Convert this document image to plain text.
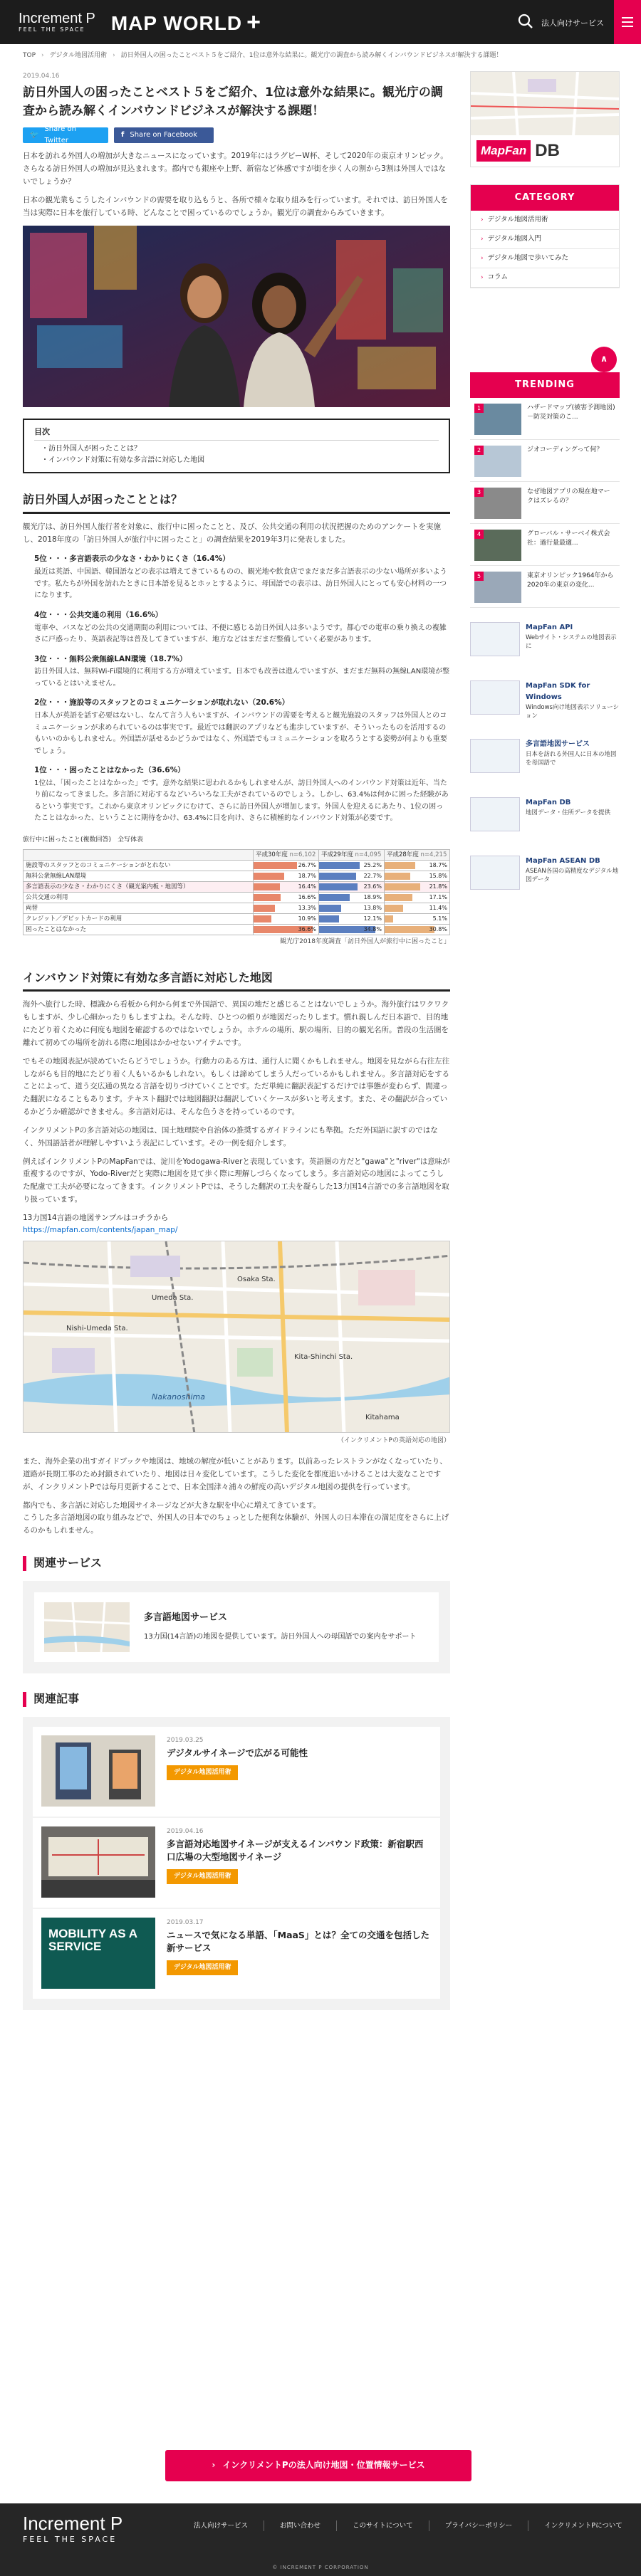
Increment P
FEEL THE SPACE	MAP WORLD +	法人向けサービス
TOP › デジタル地図活用術 › 訪日外国人の困ったことベスト５をご紹介、1位は意外な結果に。観光庁の調査から読み解くインバウンドビジネスが解決する課題！
2019.04.16
訪日外国人の困ったことベスト５をご紹介、1位は意外な結果に。観光庁の調査から読み解くインバウンドビジネスが解決する課題！
🐦
Share on Twitter
f Share on Facebook

日本を訪れる外国人の増加が大きなニュースになっています。2019年にはラグビーW杯、そして2020年の東京オリンピック。さらなる訪日外国人の増加が見込まれます。都内でも銀座や上野、新宿など体感ですが街を歩く人の割から3割は外国人ではないでしょうか？

日本の観光業もこうしたインバウンドの需要を取り込もうと、各所で様々な取り組みを行っています。それでは、訪日外国人を当は実際に日本を旅行している時、どんなことで困っているのでしょうか。観光庁の調査からみていきます。

目次
・訪日外国人が困ったことは？
・インバウンド対策に有効な多言語に対応した地図
訪日外国人が困ったこととは？

観光庁は、訪日外国人旅行者を対象に、旅行中に困ったことと、及び、公共交通の利用の状況把握のためのアンケートを実施し、2018年度の「訪日外国人が旅行中に困ったこと」の調査結果を2019年3月に発表しました。

5位・・・多言語表示の少なさ・わかりにくさ（16.4%）
最近は英語、中国語、韓国語などの表示は増えてきているものの、観光地や飲食店でまだまだ多言語表示の少ない場所が多いようです。私たちが外国を訪れたときに日本語を見るとホッとするように、母国語での表示は、訪日外国人にとっても安心材料の一つになります。
4位・・・公共交通の利用（16.6%）
電車や、バスなどの公共の交通期間の利用については、不便に感じる訪日外国人は多いようです。都心での電車の乗り換えの複雑さに戸惑ったり、英語表記等は普及してきていますが、地方などはまだまだ整備していく必要があります。
3位・・・無料公衆無線LAN環境（18.7%）
訪日外国人は、無料Wi-Fi環境的に利用する方が増えています。日本でも改善は進んでいますが、まだまだ無料の無線LAN環境が整っているとはいえません。
2位・・・施設等のスタッフとのコミュニケーションが取れない（20.6%）
日本人が英語を話す必要はないし、なんて言う人もいますが、インバウンドの需要を考えると観光施設のスタッフは外国人とのコミュニケーションが求められているのは事実です。最近では翻訳のアプリなども進歩していますが、そういったものを活用するのもいいのかもしれません。外国語が話せるかどうかではなく、外国語でもコミュニケーションを取ろうとする姿勢が何よりも重要でしょう。
1位・・・困ったことはなかった（36.6%）
1位は、「困ったことはなかった」です。意外な結果に思われるかもしれませんが、訪日外国人へのインバウンド対策は近年、当たり前になってきました。多言語に対応するなどいろいろな工夫がされているのでしょう。しかし、63.4%は何かに困った経験があるという事実です。これから東京オリンピックにむけて、さらに訪日外国人が増加します。外国人を迎えるにあたり、1位の困ったことはなかった、ということに期待をかけ、63.4%に目を向け、さらに積極的なインバウンド対策が必要です。
旅行中に困ったこと(複数回答)　全写体表
	平成30年度 n=6,102	平成29年度 n=4,095	平成28年度 n=4,215
施設等のスタッフとのコミュニケーションがとれない	26.7%	25.2%	18.7%

無料公衆無線LAN環境	18.7%	22.7%	15.8%

多言語表示の少なさ・わかりにくさ（観光案内板・地図等）	16.4%	23.6%	21.8%

公共交通の利用	16.6%	18.9%	17.1%

両替	13.3%	13.8%	11.4%

クレジット／デビットカードの利用	10.9%	12.1%	5.1%

困ったことはなかった	36.6%	34.8%	30.8%
観光庁2018年度調査「訪日外国人が旅行中に困ったこと」
インバウンド対策に有効な多言語に対応した地図

海外へ旅行した時、標識から看板から何から何まで外国語で、異国の地だと感じることはないでしょうか。海外旅行はワクワクもしますが、少し心細かったりもしますよね。そんな時、ひとつの頼りが地図だったりします。慣れ親しんだ日本語で、目的地にたどり着くために何度も地図を確認するのではないでしょうか。ホテルの場所、駅の場所、目的の観光名所。普段の生活圏を離れて初めての場所を訪れる際に地図はかかせないアイテムです。

でもその地図表記が読めていたらどうでしょうか。行動力のある方は、通行人に聞くかもしれません。地図を見ながら右往左往しながらも目的地にたどり着く人もいるかもしれない。もしくは諦めてしまう人だっているかもしれません。多言語対応をすることによって、道う交広通の異なる言語を切りづけていくことです。ただ単純に翻訳表記するだけでは事態が変わらず、間違った翻訳になることもあります。テキスト翻訳では地図翻訳は翻訳していくケースが多いと考えます。また、その翻訳が合っているかどうか確認ができません。多言語対応は、そんな色うさを持っているのです。

インクリメントPの多言語対応の地図は、国土地理院や自治体の推奨するガイドラインにも準拠。ただ外国語に訳すのではなく、外国語話者が理解しやすいよう表記にしています。その一例を紹介します。

例えばインクリメントPのMapFanでは、淀川をYodogawa-Riverと表現しています。英語圏の方だと"gawa"と"river"は意味が重複するのですが、Yodo-Riverだと実際に地図を見て歩く際に理解しづらくなってしまう。多言語対応の地図によってこうした配慮で工夫が必要になってきます。インクリメントPでは、そうした翻訳の工夫を凝らした13力国14言語での多言語地図を取り扱っています。

13力国14言語の地図サンプルはコチラから
https://mapfan.com/contents/japan_map/
Umeda Sta.
Osaka Sta.
Nishi-Umeda Sta.
Kita-Shinchi Sta.
Nakanoshima
Kitahama
（インクリメントPの英語対応の地図）

また、海外企業の出すガイドブックや地図は、地域の解度が低いことがあります。以前あったレストランがなくなっていたり、道路が長期工事のため封鎖されていたり、地図は日々変化しています。こうした変化を都度追いかけることは大変なことですが、インクリメントPでは毎月更新することで、日本全国津々浦々の鮮度の高いデジタル地図の提供を行っています。

都内でも、多言語に対応した地図サイネージなどが大きな駅を中心に増えてきています。

こうした多言語地図の取り組みなどで、外国人の日本でのちょっとした便利な体験が、外国人の日本滞在の満足度をさらに上げるのかもしれません。

関連サービス
多言語地図サービス
13力国(14言語)の地図を提供しています。訪日外国人への母国語での案内をサポート
関連記事
2019.03.25
デジタルサイネージで広がる可能性
デジタル地図活用術
2019.04.16
多言語対応地図サイネージが支えるインバウンド政策：新宿駅西口広場の大型地図サイネージ
デジタル地図活用術
MOBILITY AS A SERVICE
2019.03.17
ニュースで気になる単語、「MaaS」とは？全ての交通を包括した新サービス
デジタル地図活用術
MapFan DB
CATEGORY
› デジタル地図活用術
› デジタル地図入門
› デジタル地図で歩いてみた
› コラム
∧
TRENDING
1	ハザードマップ(被害予測地図) －防災対策のこ...
2	ジオコーディングって何？
3	なぜ地図アプリの現在地マークはズレるの？
4	グローバル・サーベイ株式会社：過行量最適...
5	東京オリンピック1964年から2020年の東京の変化...
MapFan API
Webサイト・システムの地図表示に
MapFan SDK for Windows
Windows向け地図表示ソリューション
多言語地図サービス
日本を訪れる外国人に日本の地図を母国語で
MapFan DB
地図データ・住所データを提供
MapFan ASEAN DB
ASEAN各国の高精度なデジタル地図データ
› インクリメントPの法人向け地図・位置情報サービス
Increment P
FEEL THE SPACE
法人向けサービス	お問い合わせ	このサイトについて	プライバシーポリシー	インクリメントPについて
© INCREMENT P CORPORATION
